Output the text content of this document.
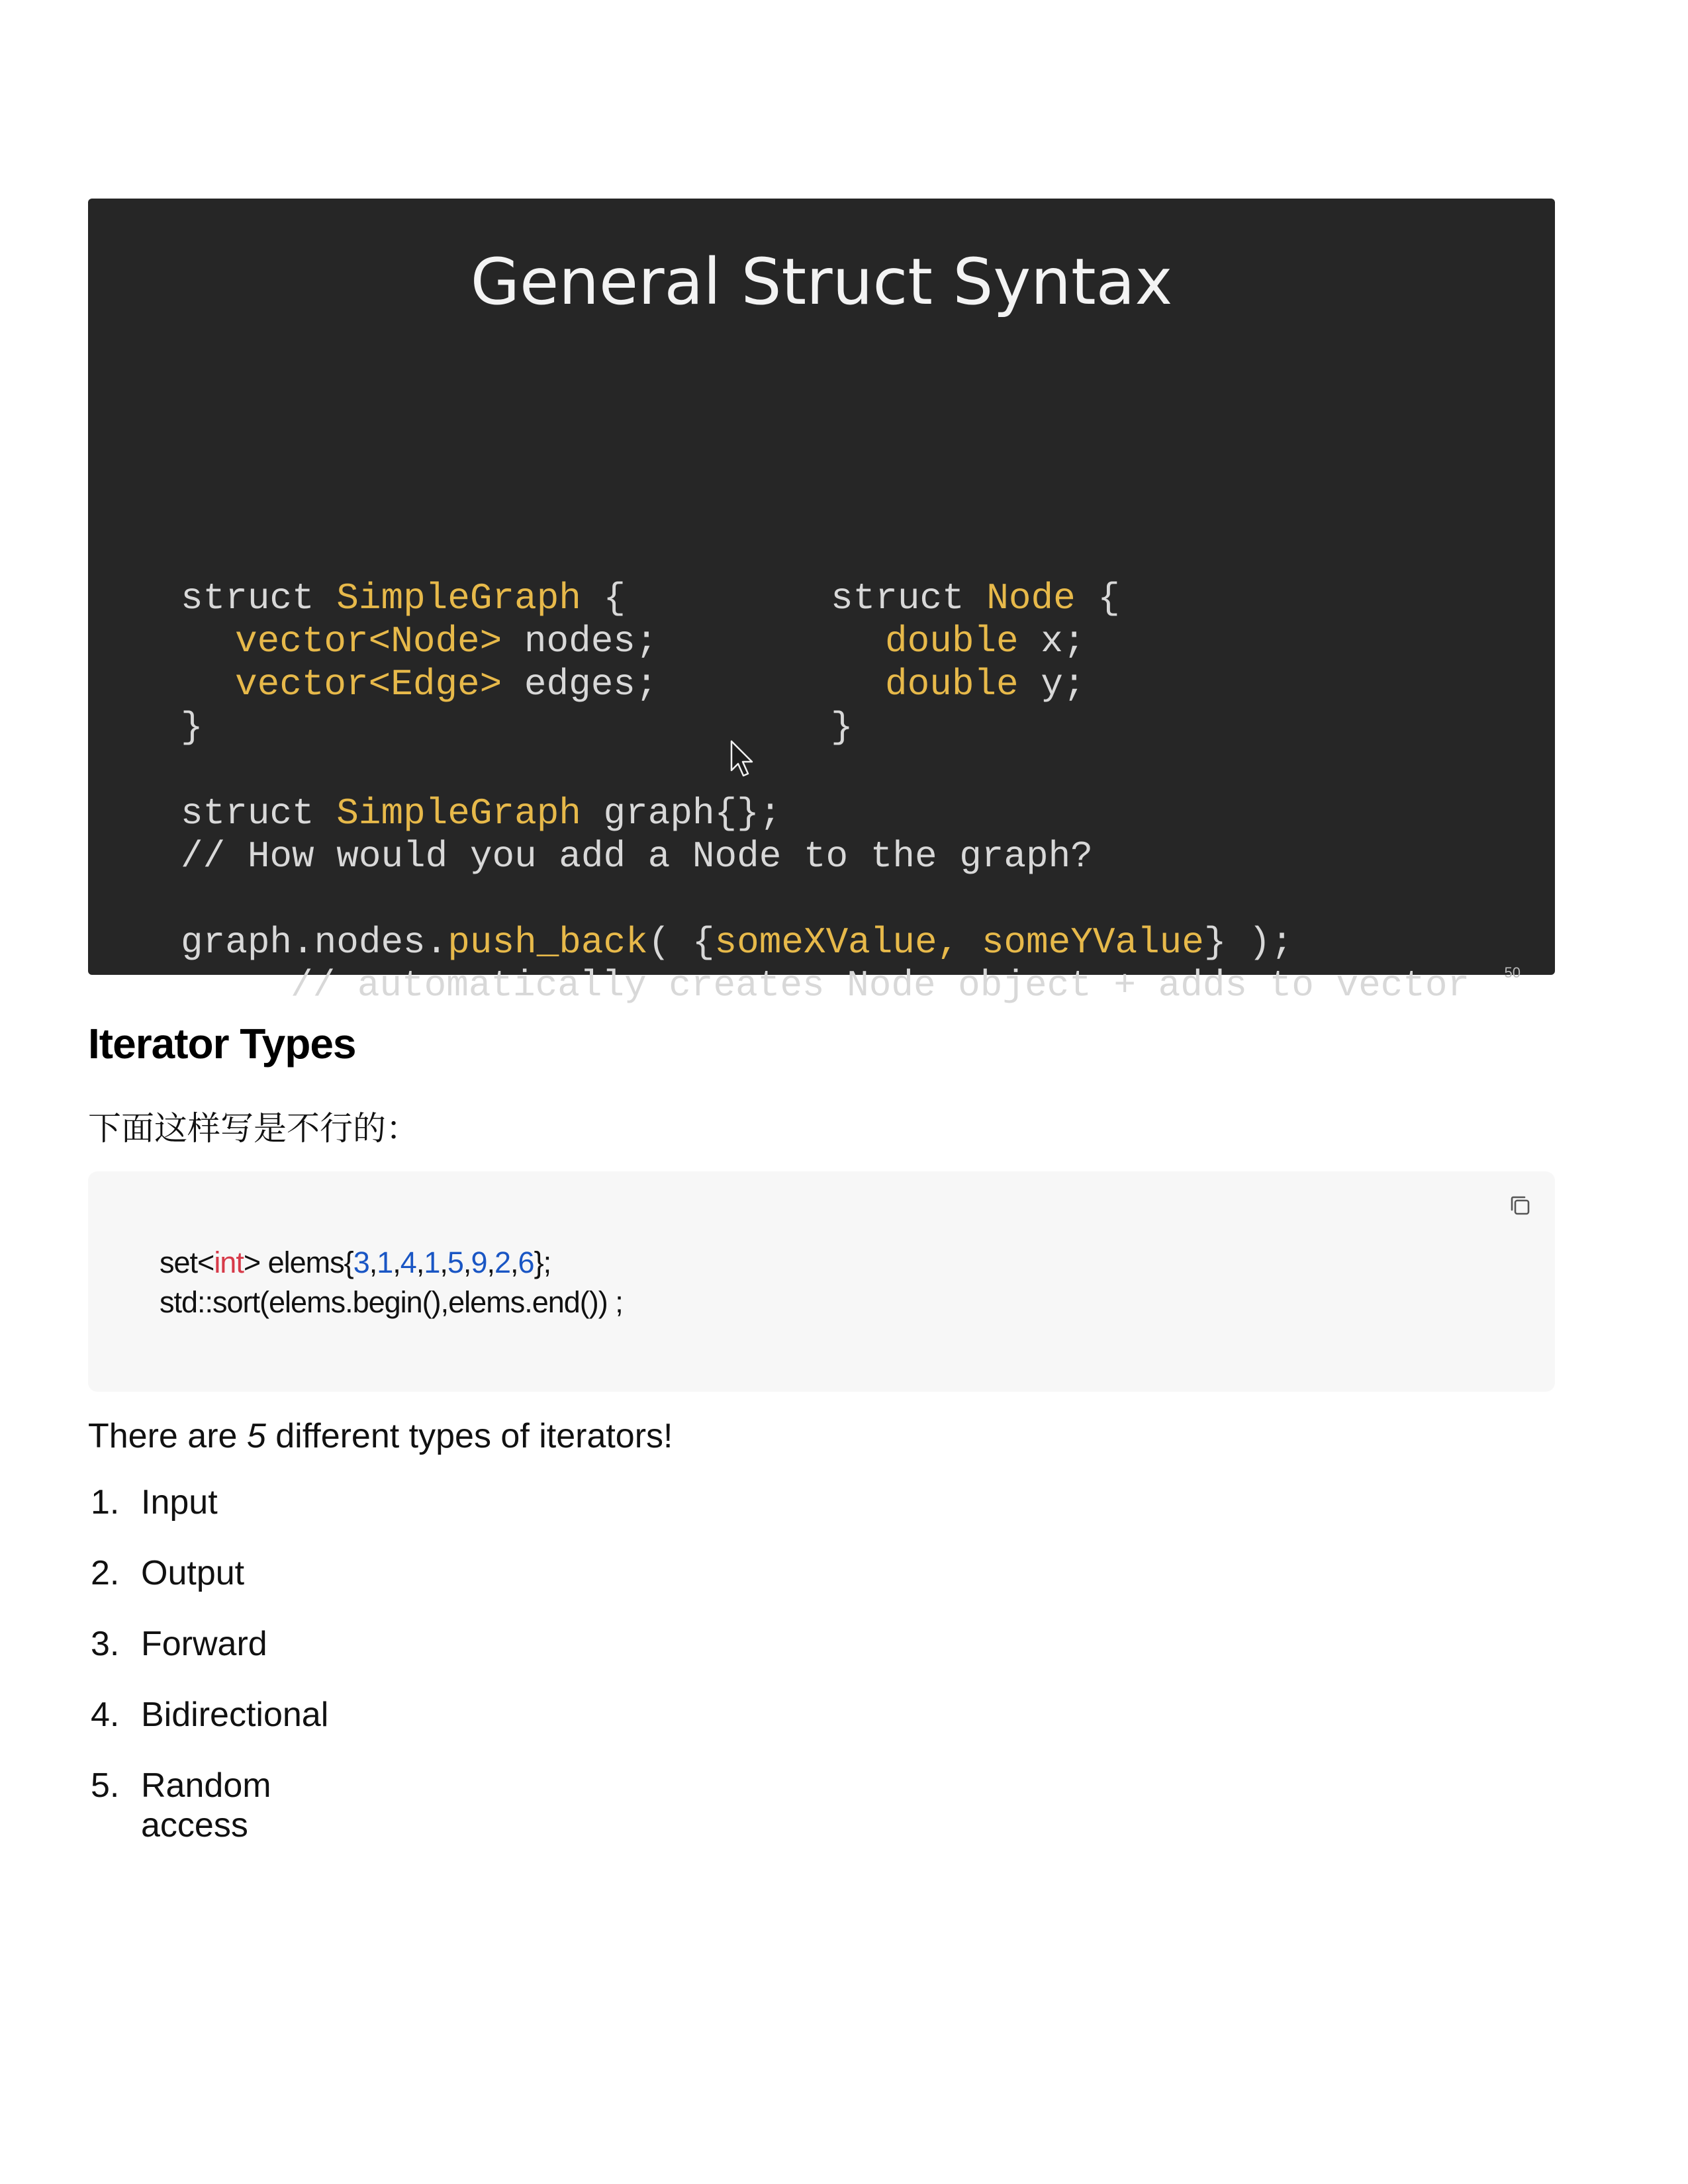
General Struct Syntax
struct SimpleGraph {
vector<Node> nodes;
vector<Edge> edges;
}
struct Node {
double x;
double y;
}
struct SimpleGraph graph{};
// How would you add a Node to the graph?
graph.nodes.push_back( {someXValue, someYValue} );
// automatically creates Node object + adds to vector 50
Iterator Types
下面这样写是不行的：
set<int> elems{3,1,4,1,5,9,2,6};
std::sort(elems.begin(),elems.end()) ;
There are 5 different types of iterators!
1. Input
2. Output
3. Forward
4. Bidirectional
5. Random access
